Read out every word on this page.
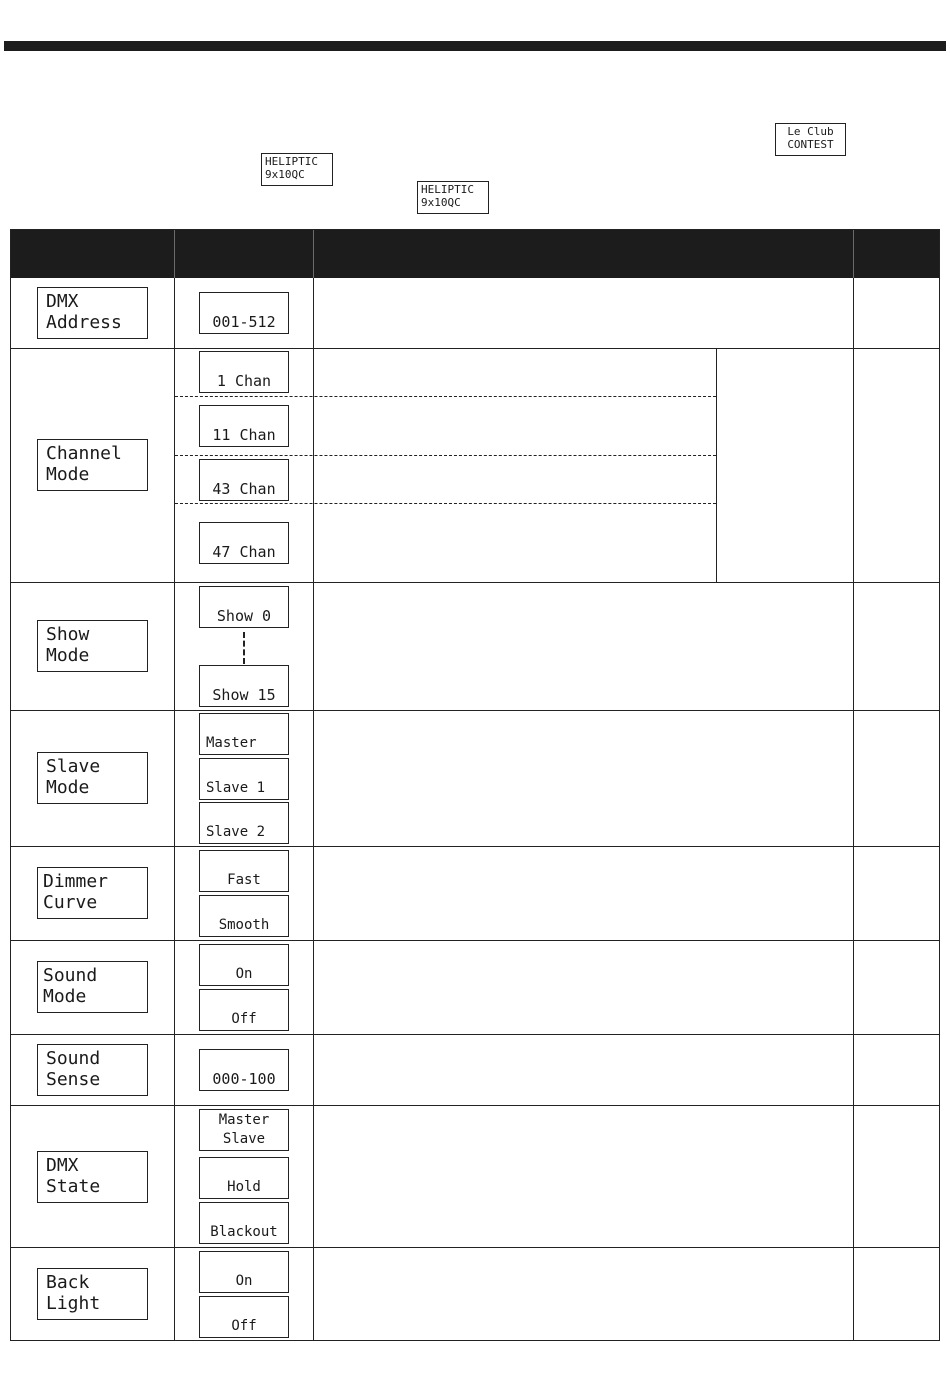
Le Club
CONTEST
HELIPTIC
9x10QC
HELIPTIC
9x10QC
DMX
Address	001-512
Channel
Mode
1 Chan
11 Chan
43 Chan
47 Chan
Show
Mode
Show 0
Show 15
Slave
Mode
Master
Slave 1
Slave 2
Dimmer
Curve
Fast
Smooth
Sound
Mode
On
Off
Sound
Sense	000-100
DMX
State
Master
Slave
Hold
Blackout
Back
Light
On
Off
